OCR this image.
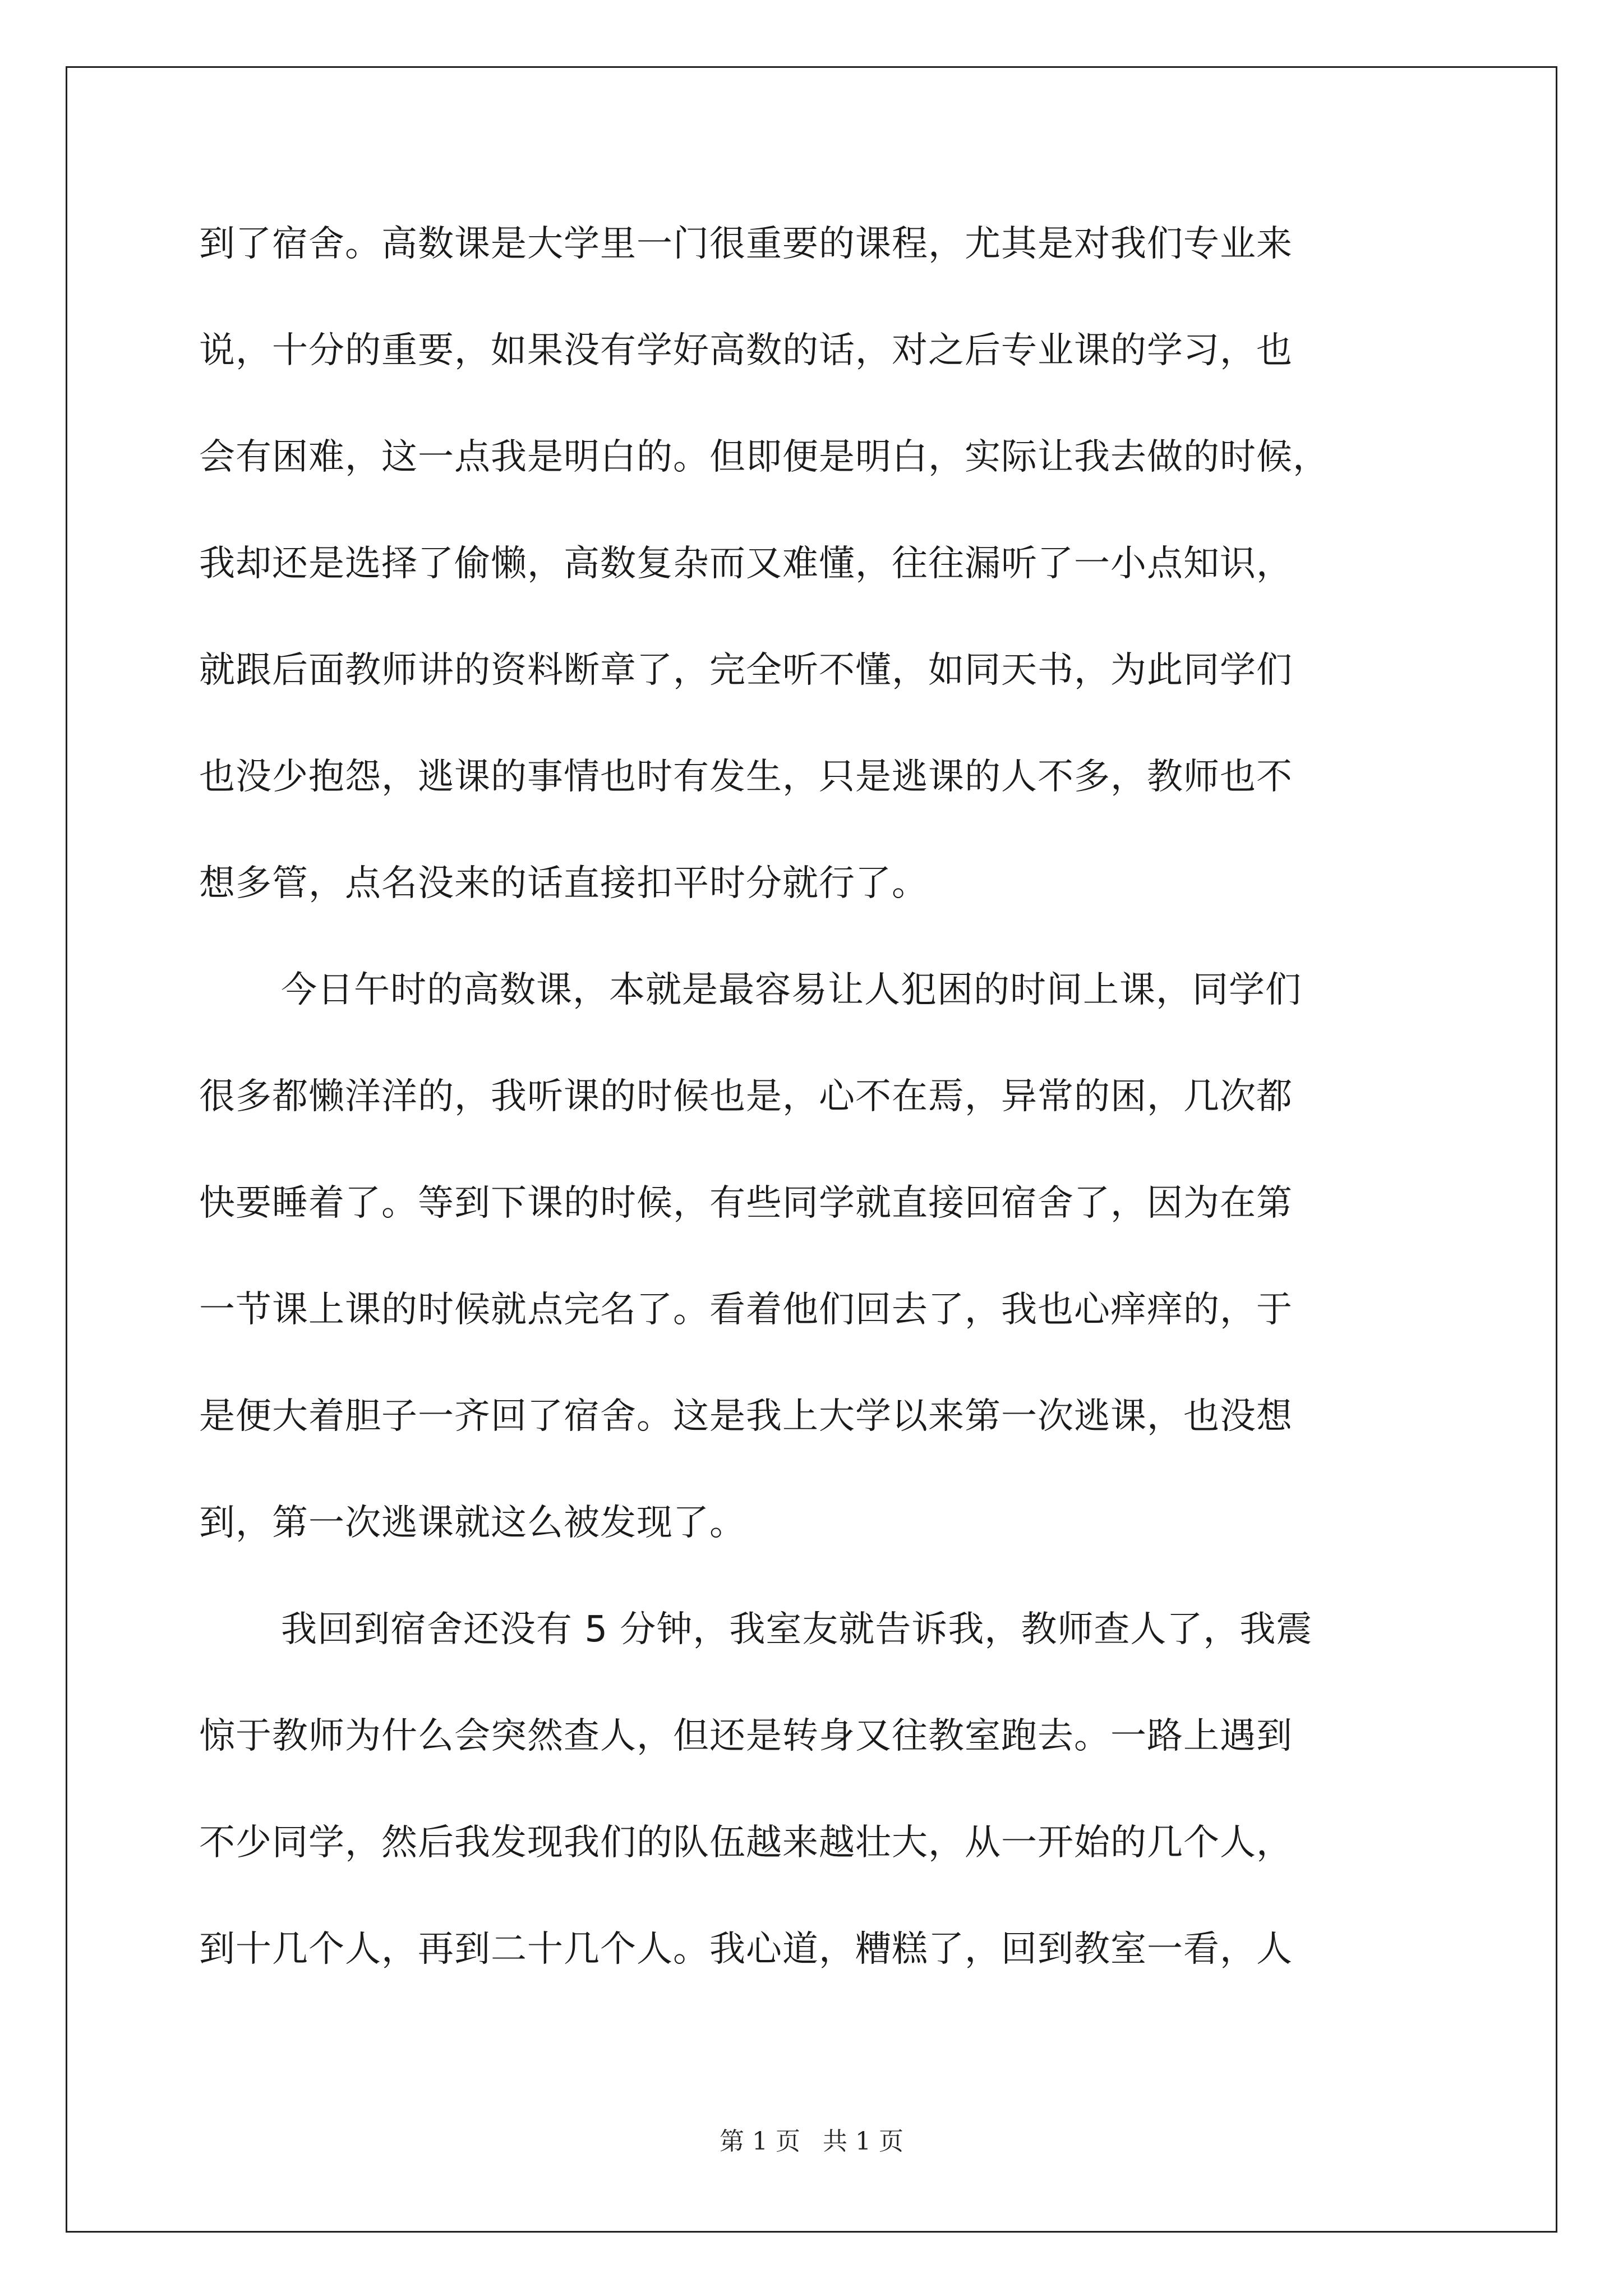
到了宿舍。高数课是大学里一门很重要的课程，尤其是对我们专业来
说，十分的重要，如果没有学好高数的话，对之后专业课的学习，也
会有困难，这一点我是明白的。但即便是明白，实际让我去做的时候，
我却还是选择了偷懒，高数复杂而又难懂，往往漏听了一小点知识，
就跟后面教师讲的资料断章了，完全听不懂，如同天书，为此同学们
也没少抱怨，逃课的事情也时有发生，只是逃课的人不多，教师也不
想多管，点名没来的话直接扣平时分就行了。
今日午时的高数课，本就是最容易让人犯困的时间上课，同学们
很多都懒洋洋的，我听课的时候也是，心不在焉，异常的困，几次都
快要睡着了。等到下课的时候，有些同学就直接回宿舍了，因为在第
一节课上课的时候就点完名了。看着他们回去了，我也心痒痒的，于
是便大着胆子一齐回了宿舍。这是我上大学以来第一次逃课，也没想
到，第一次逃课就这么被发现了。
我回到宿舍还没有 5 分钟，我室友就告诉我，教师查人了，我震
惊于教师为什么会突然查人，但还是转身又往教室跑去。一路上遇到
不少同学，然后我发现我们的队伍越来越壮大，从一开始的几个人，
到十几个人，再到二十几个人。我心道，糟糕了，回到教室一看，人
第 1 页 共 1 页
